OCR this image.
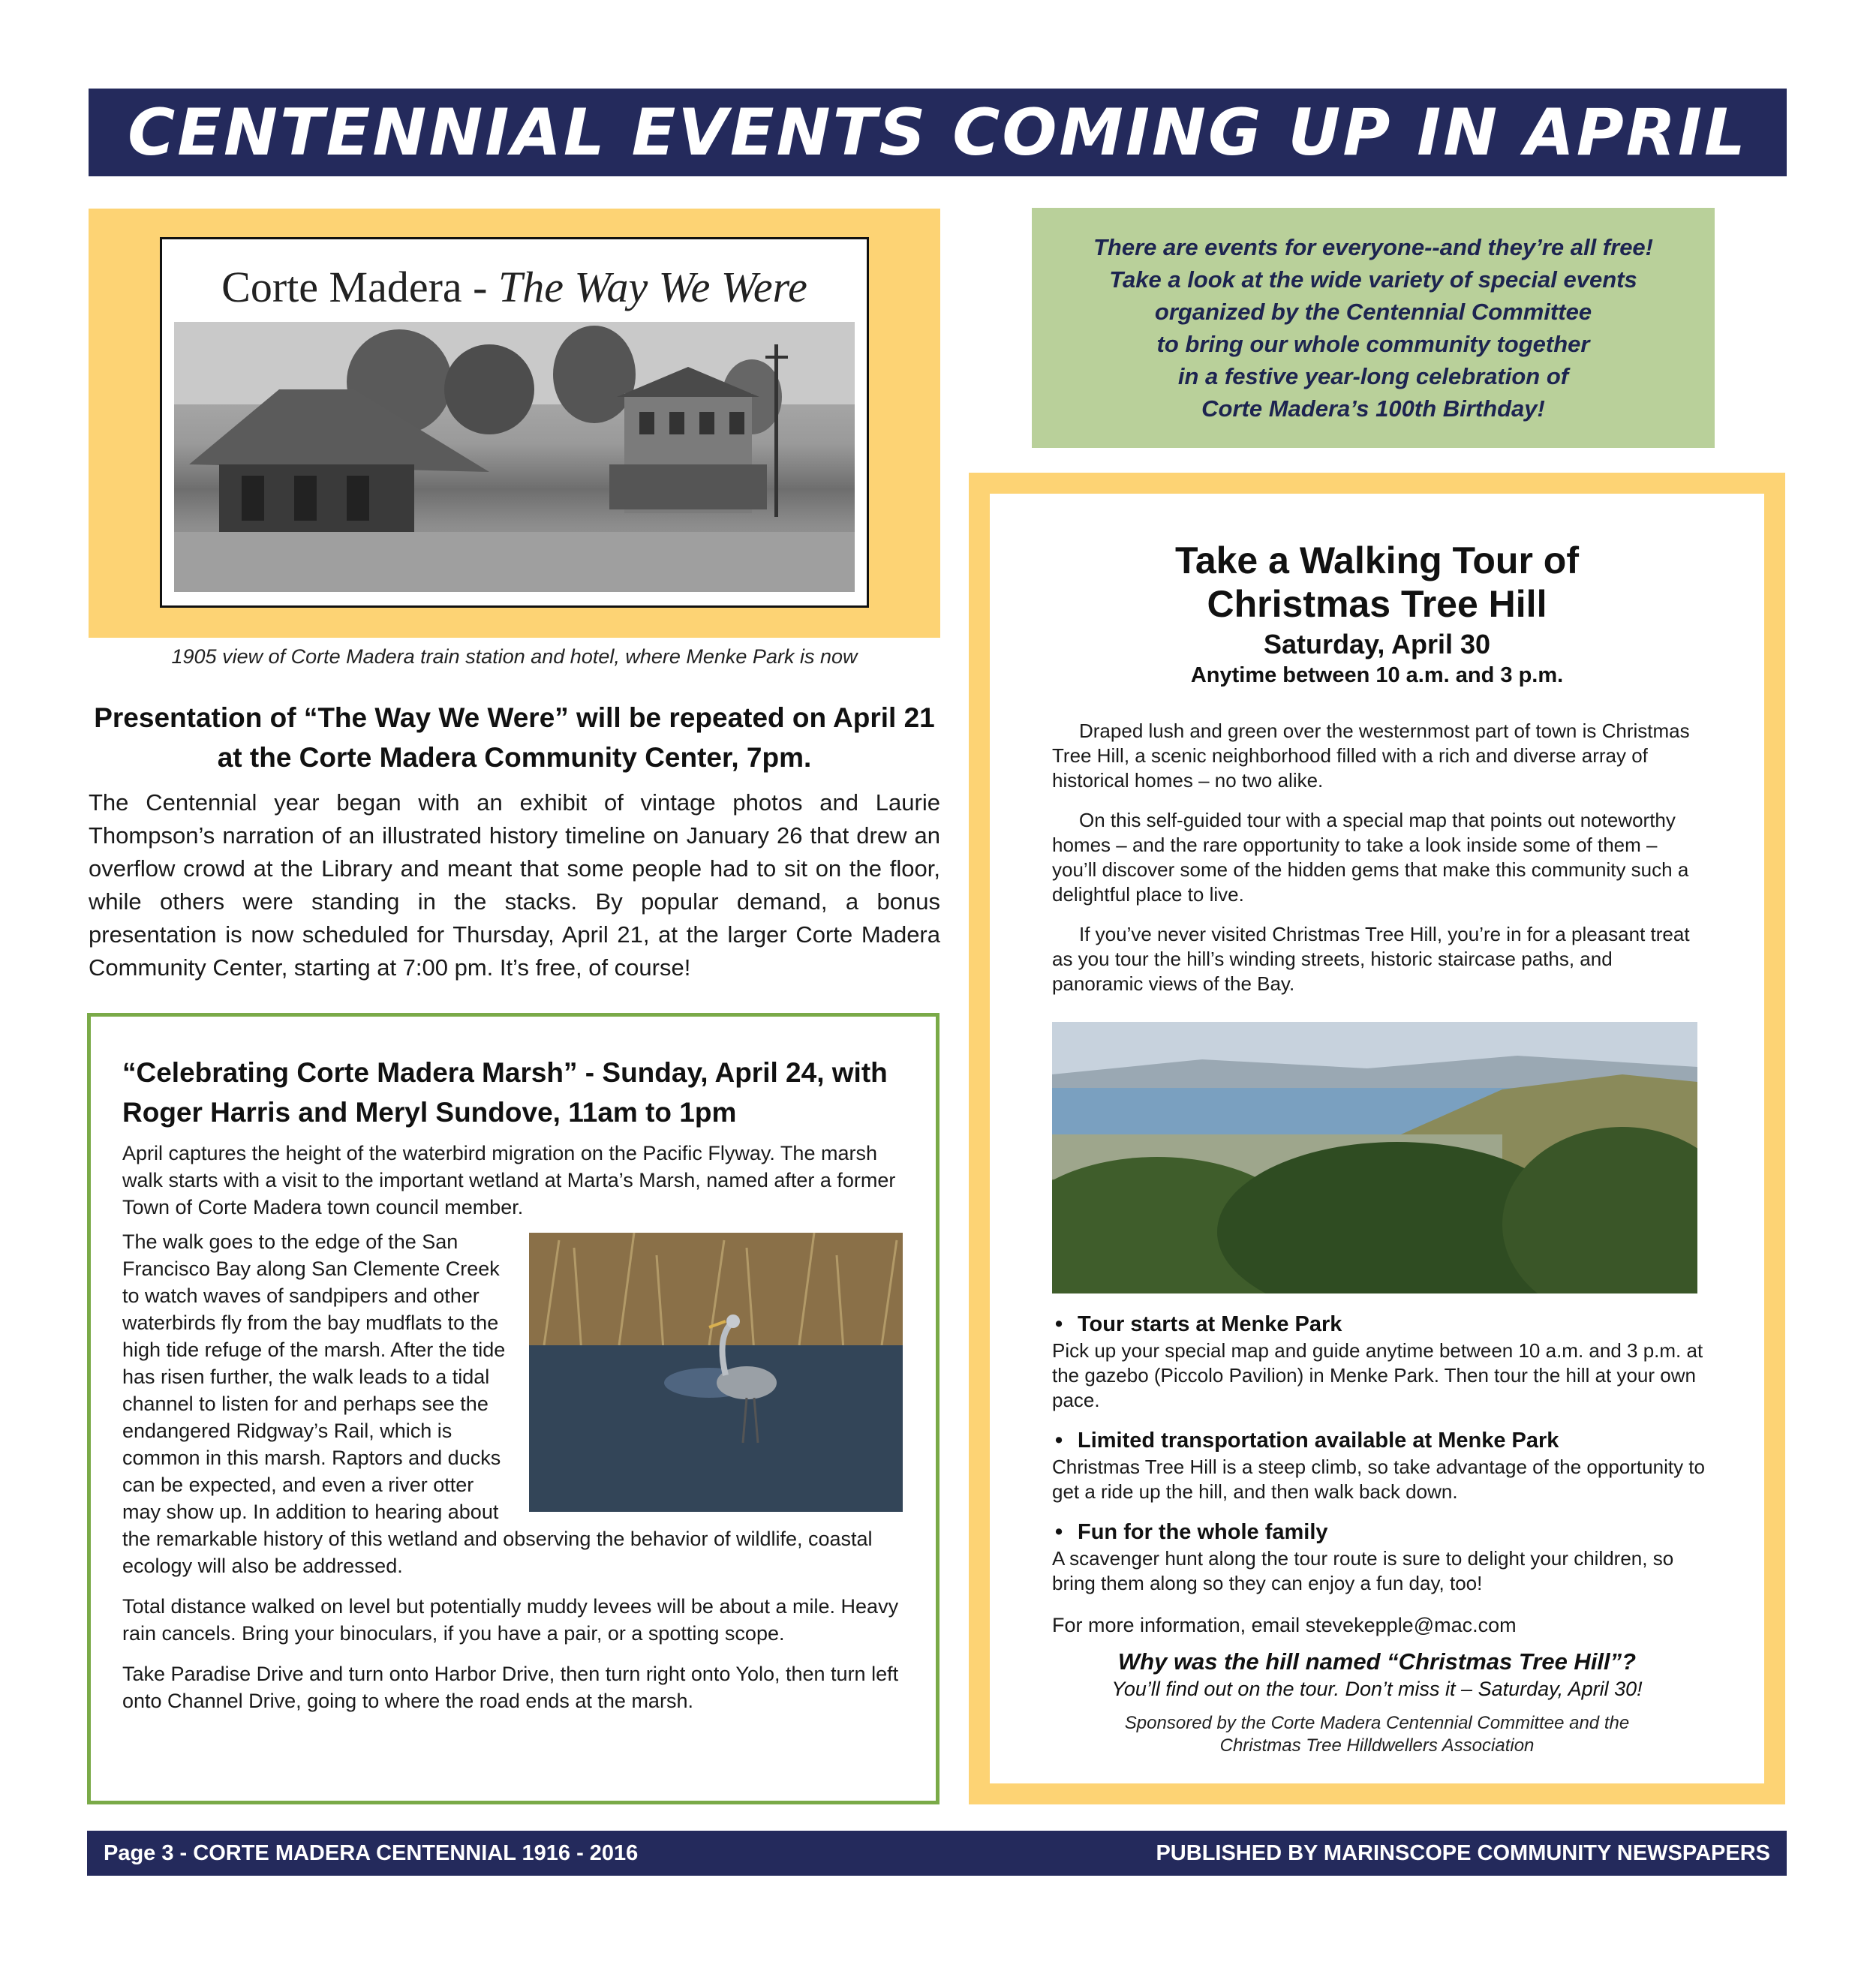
CENTENNIAL EVENTS COMING UP IN APRIL
Corte Madera - The Way We Were
1905 view of Corte Madera train station and hotel, where Menke Park is now
Presentation of “The Way We Were” will be repeated on April 21 at the Corte Madera Community Center, 7pm.
The Centennial year began with an exhibit of vintage photos and Laurie Thompson’s narration of an illustrated history timeline on January 26 that drew an overflow crowd at the Library and meant that some people had to sit on the floor, while others were standing in the stacks. By popular demand, a bonus presentation is now scheduled for Thursday, April 21, at the larger Corte Madera Community Center, starting at 7:00 pm. It’s free, of course!
“Celebrating Corte Madera Marsh” - Sunday, April 24, with Roger Harris and Meryl Sundove, 11am to 1pm

April captures the height of the waterbird migration on the Pacific Flyway. The marsh walk starts with a visit to the important wetland at Marta’s Marsh, named after a former Town of Corte Madera town council member.

The walk goes to the edge of the San Francisco Bay along San Clemente Creek to watch waves of sandpipers and other waterbirds fly from the bay mudflats to the high tide refuge of the marsh. After the tide has risen further, the walk leads to a tidal channel to listen for and perhaps see the endangered Ridgway’s Rail, which is common in this marsh. Raptors and ducks can be expected, and even a river otter may show up. In addition to hearing about the remarkable history of this wetland and observing the behavior of wildlife, coastal ecology will also be addressed.

Total distance walked on level but potentially muddy levees will be about a mile. Heavy rain cancels. Bring your binoculars, if you have a pair, or a spotting scope.

Take Paradise Drive and turn onto Harbor Drive, then turn right onto Yolo, then turn left onto Channel Drive, going to where the road ends at the marsh.

There are events for everyone--and they’re all free!
Take a look at the wide variety of special events
organized by the Centennial Committee
to bring our whole community together
in a festive year-long celebration of
Corte Madera’s 100th Birthday!
Take a Walking Tour of
Christmas Tree Hill
Saturday, April 30
Anytime between 10 a.m. and 3 p.m.

Draped lush and green over the westernmost part of town is Christmas Tree Hill, a scenic neighborhood filled with a rich and diverse array of historical homes – no two alike.

On this self-guided tour with a special map that points out noteworthy homes – and the rare opportunity to take a look inside some of them – you’ll discover some of the hidden gems that make this community such a delightful place to live.

If you’ve never visited Christmas Tree Hill, you’re in for a pleasant treat as you tour the hill’s winding streets, historic staircase paths, and panoramic views of the Bay.

• Tour starts at Menke Park
Pick up your special map and guide anytime between 10 a.m. and 3 p.m. at the gazebo (Piccolo Pavilion) in Menke Park. Then tour the hill at your own pace.
• Limited transportation available at Menke Park
Christmas Tree Hill is a steep climb, so take advantage of the opportunity to get a ride up the hill, and then walk back down.
• Fun for the whole family
A scavenger hunt along the tour route is sure to delight your children, so bring them along so they can enjoy a fun day, too!
For more information, email stevekepple@mac.com
Why was the hill named “Christmas Tree Hill”?
You’ll find out on the tour. Don’t miss it – Saturday, April 30!
Sponsored by the Corte Madera Centennial Committee and the
Christmas Tree Hilldwellers Association
Page 3 - CORTE MADERA CENTENNIAL 1916 - 2016	PUBLISHED BY MARINSCOPE COMMUNITY NEWSPAPERS
